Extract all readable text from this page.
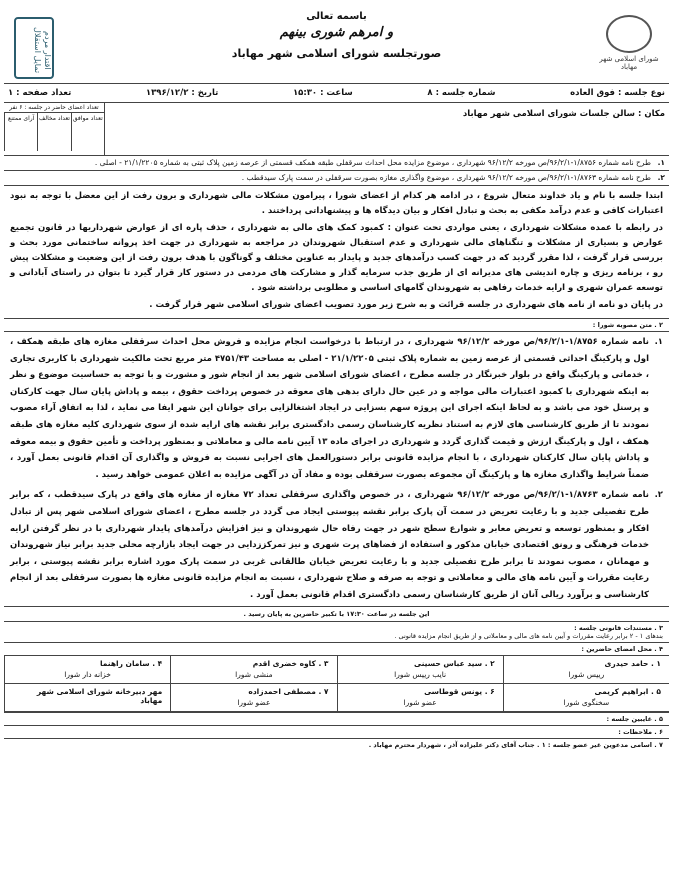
شورای اسلامی شهر مهاباد
باسمه تعالی
و امرهم شوری بینهم
صورتجلسه شورای اسلامی شهر مهاباد
اقتدار مردم تمایل استقلال
نوع جلسه : فوق العاده
شماره جلسه : ۸
ساعت : ۱۵:۳۰
تاریخ : ۱۳۹۶/۱۲/۲
تعداد صفحه : ۱
مکان : سالن جلسات شورای اسلامی شهر مهاباد
تعداد اعضای حاضر در جلسه : ۶ نفر
تعداد موافق
تعداد مخالف
آرای ممتنع
۱.
طرح نامه شماره ۱/۸۷۵۶-۹۶/۲/۱/ص مورخه ۹۶/۱۲/۲ شهرداری ، موضوع مزایده محل احداث سرقفلی طبقه همکف قسمتی از عرصه زمین پلاک ثبتی به شماره ۲۱/۱/۲۲۰۵ - اصلی .
۲.
طرح نامه شماره ۱/۸۷۶۳-۹۶/۲/۱/ص مورخه ۹۶/۱۲/۲ شهرداری ، موضوع واگذاری مغازه بصورت سرقفلی در سمت پارک سیدقطب .

ابتدا جلسه با نام و یاد خداوند متعال شروع ، در ادامه هر کدام از اعضای شورا ، پیرامون مشکلات مالی شهرداری و برون رفت از این معضل با توجه به نبود اعتبارات کافی و عدم درآمد مکفی به بحث و تبادل افکار و بیان دیدگاه ها و پیشنهاداتی پرداختند .

در رابطه با عمده مشکلات شهرداری ، یعنی مواردی تحت عنوان : کمبود کمک های مالی به شهرداری ، حذف پاره ای از عوارض شهرداریها در قانون تجمیع عوارض و بسیاری از مشکلات و تنگناهای مالی شهرداری و عدم استقبال شهروندان در مراجعه به شهرداری در جهت اخذ پروانه ساختمانی مورد بحث و بررسی قرار گرفت ، لذا مقرر گردید که در جهت کسب درآمدهای جدید و پایدار به عناوین مختلف و گوناگون با هدف برون رفت از این وضعیت و مشکلات پیش رو ، برنامه ریزی و چاره اندیشی های مدیرانه ای از طریق جذب سرمایه گذار و مشارکت های مردمی در دستور کار قرار گیرد تا بتوان در راستای آبادانی و توسعه عمران شهری و ارایه خدمات رفاهی به شهروندان گامهای اساسی و مطلوبی برداشته شود .

در پایان دو نامه از نامه های شهرداری در جلسه قرائت و به شرح زیر مورد تصویب اعضای شورای اسلامی شهر قرار گرفت .

۲ . متن مصوبه شورا :
۱.
نامه شماره ۱/۸۷۵۶-۹۶/۲/۱/ص مورخه ۹۶/۱۲/۲ شهرداری ، در ارتباط با درخواست انجام مزایده و فروش محل احداث سرقفلی مغازه های طبقه همکف ، اول و پارکینگ احداثی قسمتی از عرصه زمین به شماره پلاک ثبتی ۲۱/۱/۲۲۰۵ - اصلی به مساحت ۴۷۵۱/۴۳ متر مربع تحت مالکیت شهرداری با کاربری تجاری ، خدماتی و پارکینگ واقع در بلوار خبرنگار در جلسه مطرح ، اعضای شورای اسلامی شهر بعد از انجام شور و مشورت و با توجه به حساسیت موضوع و نظر به اینکه شهرداری با کمبود اعتبارات مالی مواجه و در عین حال دارای بدهی های معوقه در خصوص پرداخت حقوق ، بیمه و پاداش پایان سال جهت کارکنان و پرسنل خود می باشد و به لحاظ اینکه اجرای این پروژه سهم بسزایی در ایجاد اشتغالزایی برای جوانان این شهر ایفا می نماید ، لذا به اتفاق آراء مصوب نمودند تا از طریق کارشناسی های لازم به استناد نظریه کارشناسان رسمی دادگستری برابر نقشه های ارایه شده از سوی شهرداری کلیه مغازه های طبقه همکف ، اول و پارکینگ ارزش و قیمت گذاری گردد و شهرداری در اجرای ماده ۱۳ آیین نامه مالی و معاملاتی و بمنظور پرداخت و تأمین حقوق و بیمه معوقه و پاداش پایان سال کارکنان شهرداری ، با انجام مزایده قانونی برابر دستورالعمل های اجرایی نسبت به فروش و واگذاری آن اقدام قانونی بعمل آورد ، ضمناً شرایط واگذاری مغازه ها و پارکینگ آن مجموعه بصورت سرقفلی بوده و مفاد آن در آگهی مزایده به اعلان عمومی خواهد رسید .
۲.
نامه شماره ۱/۸۷۶۳-۹۶/۲/۱/ص مورخه ۹۶/۱۲/۲ شهرداری ، در خصوص واگذاری سرقفلی تعداد ۷۲ مغازه از مغازه های واقع در پارک سیدقطب ، که برابر طرح تفصیلی جدید و با رعایت تعریض در سمت آن پارک برابر نقشه پیوستی ایجاد می گردد در جلسه مطرح ، اعضای شورای اسلامی شهر پس از تبادل افکار و بمنظور توسعه و تعریض معابر و شوارع سطح شهر در جهت رفاه حال شهروندان و نیز افزایش درآمدهای پایدار شهرداری با در نظر گرفتن ارایه خدمات فرهنگی و رونق اقتصادی خیابان مذکور و استفاده از فضاهای پرت شهری و نیز تمرکززدایی در جهت ایجاد بازارچه محلی جدید برابر نیاز شهروندان و مهمانان ، مصوب نمودند تا برابر طرح تفصیلی جدید و با رعایت تعریض خیابان طالقانی غربی در سمت پارک مورد اشاره برابر نقشه پیوستی ، برابر رعایت مقررات و آیین نامه های مالی و معاملاتی و توجه به صرفه و صلاح شهرداری ، نسبت به انجام مزایده قانونی مغازه ها بصورت سرقفلی بعد از انجام کارشناسی و برآورد ریالی آنان از طریق کارشناسان رسمی دادگستری اقدام قانونی بعمل آورد .
این جلسه در ساعت ۱۷:۳۰ با تکبیر حاضرین به پایان رسید .
۳ . مستندات قانونی جلسه :
بندهای ۱ - ۲ برابر رعایت مقررات و آیین نامه های مالی و معاملاتی و از طریق انجام مزایده قانونی .
۴ . محل امضای حاضرین :
۱ . حامد حیدری
رییس شورا
۲ . سید عباس حسینی
نایب رییس شورا
۳ . کاوه خضری اقدم
منشی شورا
۴ . سامان راهنما
خزانه دار شورا
۵ . ابراهیم کریمی
سخنگوی شورا
۶ . یونس قوطاسی
عضو شورا
۷ . مصطفی احمدزاده
عضو شورا
مهر دبیرخانه شورای اسلامی شهر مهاباد
۵ . غایبین جلسه :
۶ . ملاحظات :
۷ . اسامی مدعوین غیر عضو جلسه : ۱ . جناب آقای دکتر علیزاده آذر ، شهردار محترم مهاباد .
